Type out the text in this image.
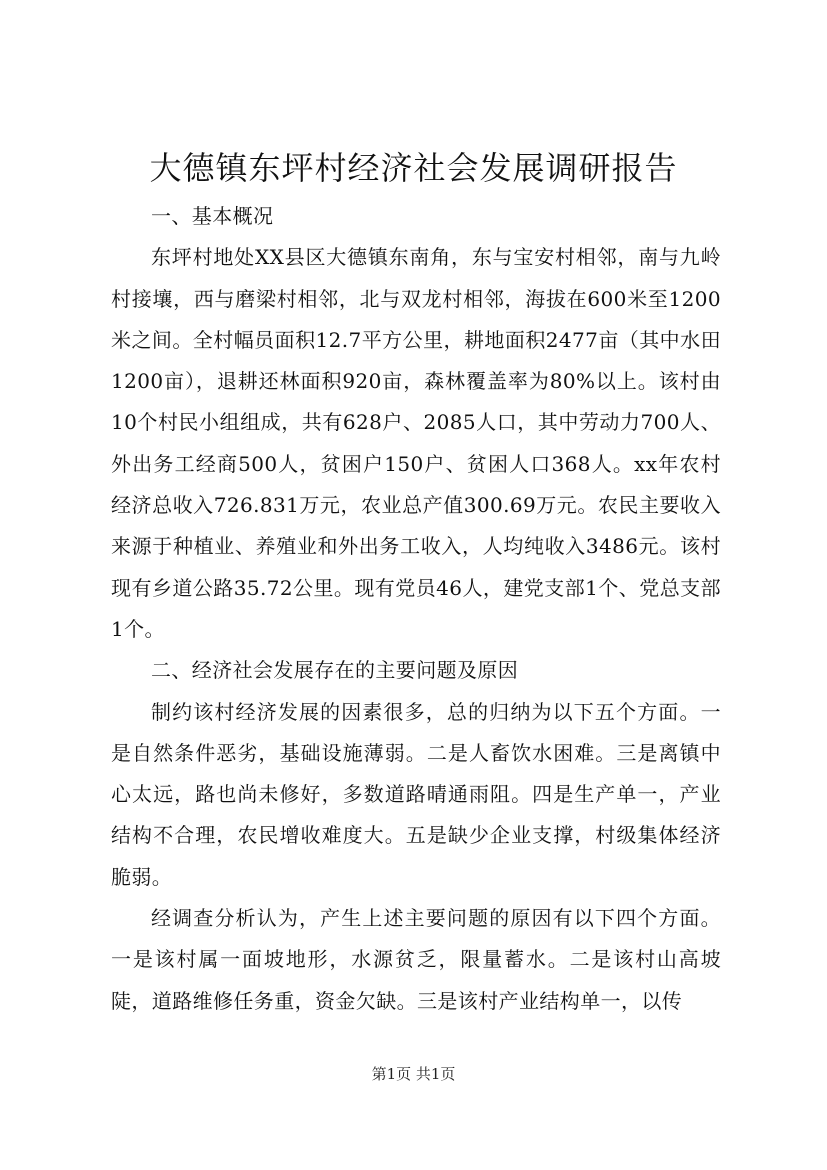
大德镇东坪村经济社会发展调研报告

一、基本概况

东坪村地处XX县区大德镇东南角，东与宝安村相邻，南与九岭村接壤，西与磨梁村相邻，北与双龙村相邻，海拔在600米至1200米之间。全村幅员面积12.7平方公里，耕地面积2477亩（其中水田1200亩），退耕还林面积920亩，森林覆盖率为80%以上。该村由10个村民小组组成，共有628户、2085人口，其中劳动力700人、外出务工经商500人，贫困户150户、贫困人口368人。xx年农村经济总收入726.831万元，农业总产值300.69万元。农民主要收入来源于种植业、养殖业和外出务工收入，人均纯收入3486元。该村现有乡道公路35.72公里。现有党员46人，建党支部1个、党总支部1个。

二、经济社会发展存在的主要问题及原因

制约该村经济发展的因素很多，总的归纳为以下五个方面。一是自然条件恶劣，基础设施薄弱。二是人畜饮水困难。三是离镇中心太远，路也尚未修好，多数道路晴通雨阻。四是生产单一，产业结构不合理，农民增收难度大。五是缺少企业支撑，村级集体经济脆弱。

经调查分析认为，产生上述主要问题的原因有以下四个方面。一是该村属一面坡地形，水源贫乏，限量蓄水。二是该村山高坡陡，道路维修任务重，资金欠缺。三是该村产业结构单一，以传

第1页 共1页
